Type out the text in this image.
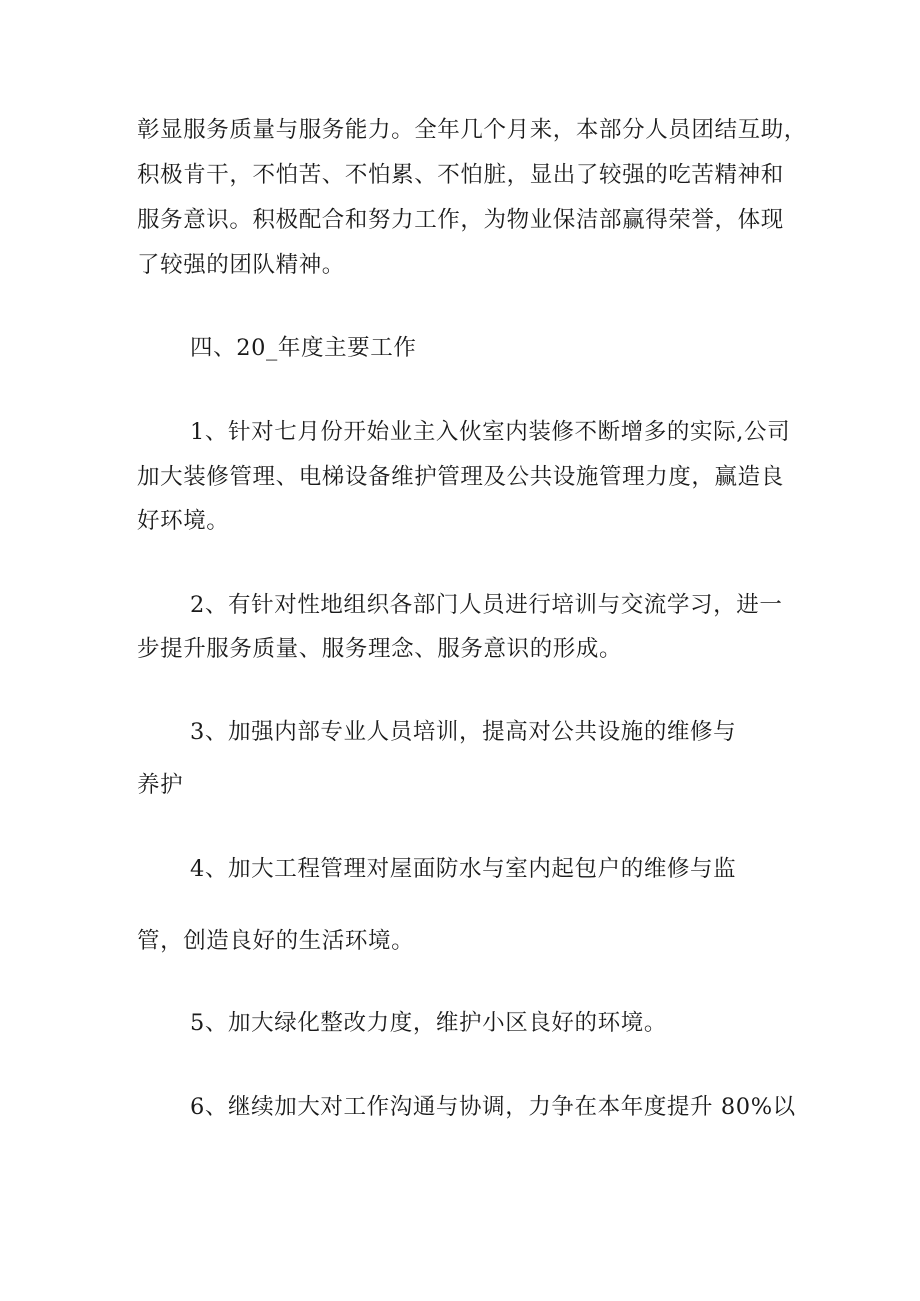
彰显服务质量与服务能力。全年几个月来，本部分人员团结互助，
积极肯干，不怕苦、不怕累、不怕脏，显出了较强的吃苦精神和
服务意识。积极配合和努力工作，为物业保洁部赢得荣誉，体现
了较强的团队精神。
四、20_年度主要工作
1、针对七月份开始业主入伙室内装修不断增多的实际,公司
加大装修管理、电梯设备维护管理及公共设施管理力度，赢造良
好环境。
2、有针对性地组织各部门人员进行培训与交流学习，进一
步提升服务质量、服务理念、服务意识的形成。
3、加强内部专业人员培训，提高对公共设施的维修与
养护
4、加大工程管理对屋面防水与室内起包户的维修与监
管，创造良好的生活环境。
5、加大绿化整改力度，维护小区良好的环境。
6、继续加大对工作沟通与协调，力争在本年度提升 80%以
